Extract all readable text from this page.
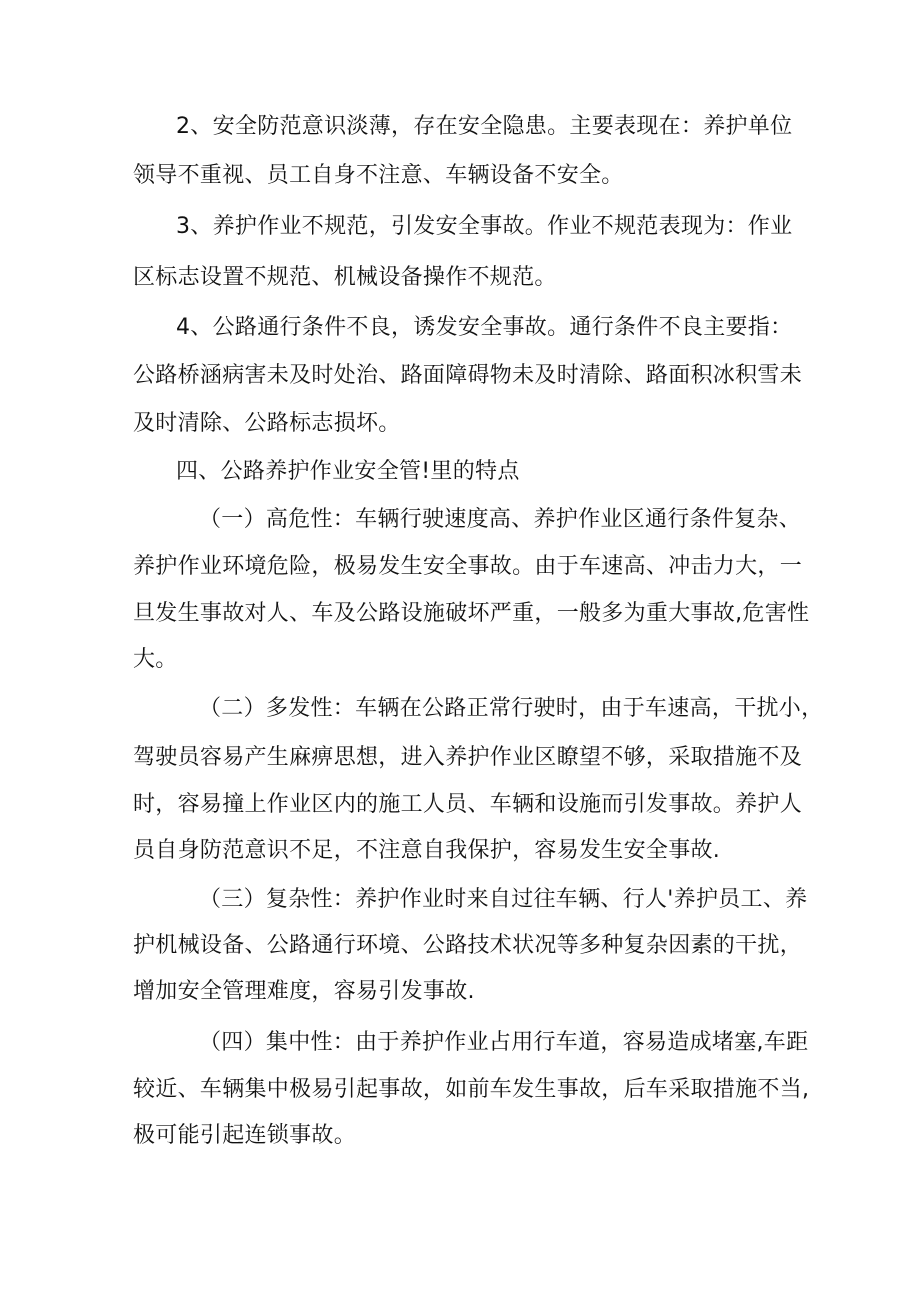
2、安全防范意识淡薄，存在安全隐患。主要表现在：养护单位

领导不重视、员工自身不注意、车辆设备不安全。

3、养护作业不规范，引发安全事故。作业不规范表现为：作业

区标志设置不规范、机械设备操作不规范。

4、公路通行条件不良，诱发安全事故。通行条件不良主要指：

公路桥涵病害未及时处治、路面障碍物未及时清除、路面积冰积雪未

及时清除、公路标志损坏。

四、公路养护作业安全管!里的特点

（一）高危性：车辆行驶速度高、养护作业区通行条件复杂、

养护作业环境危险，极易发生安全事故。由于车速高、冲击力大，一

旦发生事故对人、车及公路设施破坏严重，一般多为重大事故,危害性

大。

（二）多发性：车辆在公路正常行驶时，由于车速高，干扰小，

驾驶员容易产生麻痹思想，进入养护作业区瞭望不够，采取措施不及

时，容易撞上作业区内的施工人员、车辆和设施而引发事故。养护人

员自身防范意识不足，不注意自我保护，容易发生安全事故.

（三）复杂性：养护作业时来自过往车辆、行人'养护员工、养

护机械设备、公路通行环境、公路技术状况等多种复杂因素的干扰，

增加安全管理难度，容易引发事故.

（四）集中性：由于养护作业占用行车道，容易造成堵塞,车距

较近、车辆集中极易引起事故，如前车发生事故，后车采取措施不当,

极可能引起连锁事故。
